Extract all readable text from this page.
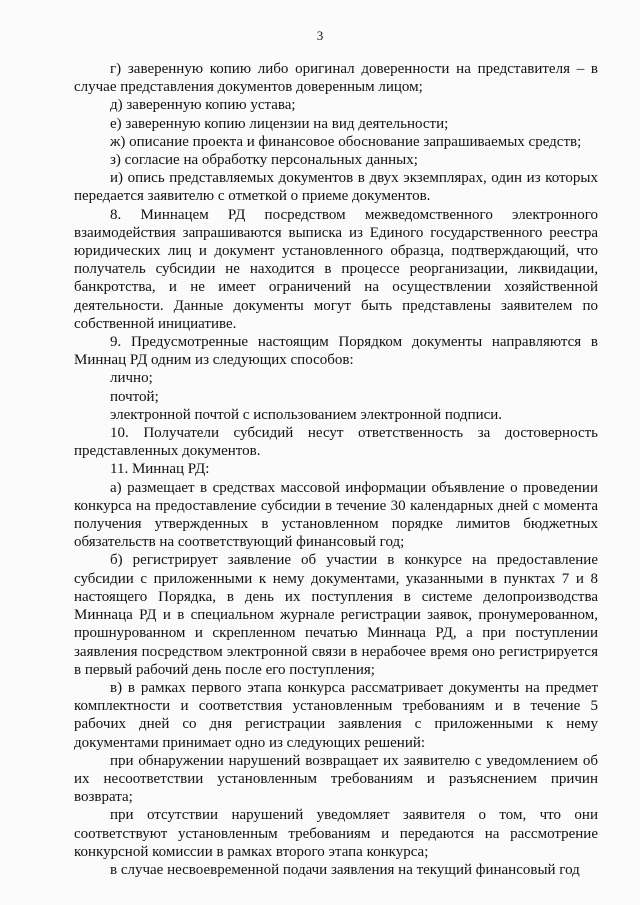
3

г) заверенную копию либо оригинал доверенности на представителя – в случае представления документов доверенным лицом;

д) заверенную копию устава;

е) заверенную копию лицензии на вид деятельности;

ж) описание проекта и финансовое обоснование запрашиваемых средств;

з) согласие на обработку персональных данных;

и) опись представляемых документов в двух экземплярах, один из которых передается заявителю с отметкой о приеме документов.

8. Миннацем РД посредством межведомственного электронного взаимодействия запрашиваются выписка из Единого государственного реестра юридических лиц и документ установленного образца, подтверждающий, что получатель субсидии не находится в процессе реорганизации, ликвидации, банкротства, и не имеет ограничений на осуществлении хозяйственной деятельности. Данные документы могут быть представлены заявителем по собственной инициативе.

9. Предусмотренные настоящим Порядком документы направляются в Миннац РД одним из следующих способов:

лично;

почтой;

электронной почтой с использованием электронной подписи.

10. Получатели субсидий несут ответственность за достоверность представленных документов.

11. Миннац РД:

а) размещает в средствах массовой информации объявление о проведении конкурса на предоставление субсидии в течение 30 календарных дней с момента получения утвержденных в установленном порядке лимитов бюджетных обязательств на соответствующий финансовый год;

б) регистрирует заявление об участии в конкурсе на предоставление субсидии с приложенными к нему документами, указанными в пунктах 7 и 8 настоящего Порядка, в день их поступления в системе делопроизводства Миннаца РД и в специальном журнале регистрации заявок, пронумерованном, прошнурованном и скрепленном печатью Миннаца РД, а при поступлении заявления посредством электронной связи в нерабочее время оно регистрируется в первый рабочий день после его поступления;

в) в рамках первого этапа конкурса рассматривает документы на предмет комплектности и соответствия установленным требованиям и в течение 5 рабочих дней со дня регистрации заявления с приложенными к нему документами принимает одно из следующих решений:

при обнаружении нарушений возвращает их заявителю с уведомлением об их несоответствии установленным требованиям и разъяснением причин возврата;

при отсутствии нарушений уведомляет заявителя о том, что они соответствуют установленным требованиям и передаются на рассмотрение конкурсной комиссии в рамках второго этапа конкурса;

в случае несвоевременной подачи заявления на текущий финансовый год
